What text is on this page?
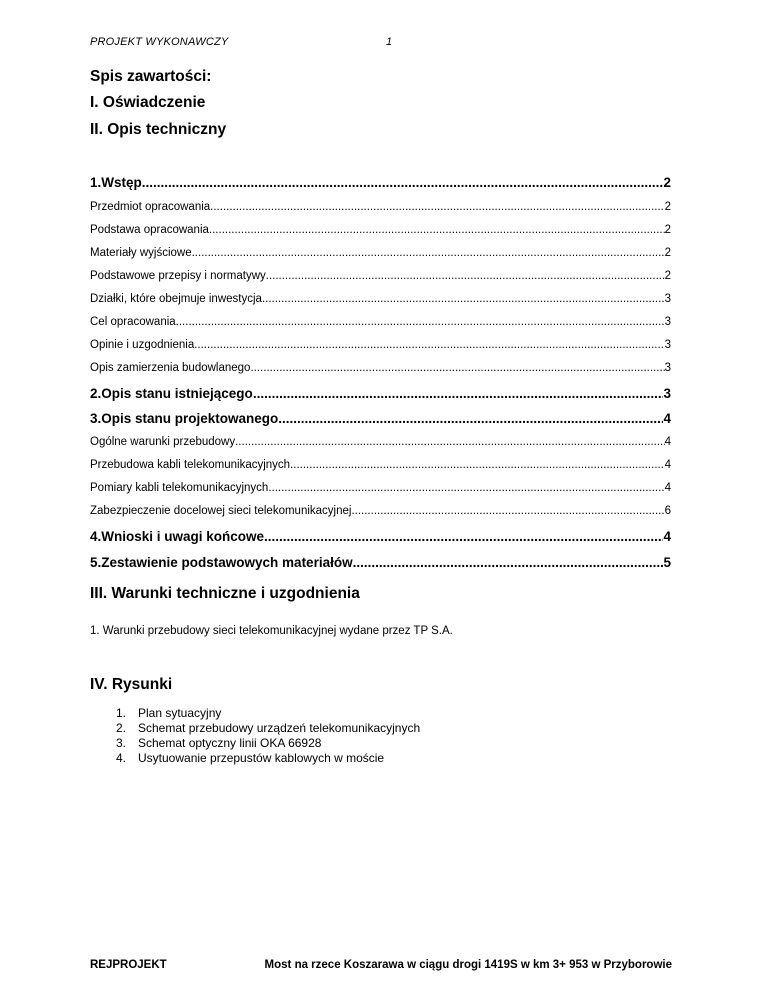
PROJEKT WYKONAWCZY	1
Spis zawartości:
I. Oświadczenie
II. Opis techniczny
1.Wstęp .....	2
Przedmiot opracowania .....	2
Podstawa opracowania .....	2
Materiały wyjściowe .....	2
Podstawowe przepisy i normatywy .....	2
Działki, które obejmuje inwestycja .....	3
Cel opracowania .....	3
Opinie i uzgodnienia .....	3
Opis zamierzenia budowlanego .....	3
2.Opis stanu istniejącego .....	3
3.Opis stanu projektowanego .....	4
Ogólne warunki przebudowy .....	4
Przebudowa kabli telekomunikacyjnych .....	4
Pomiary kabli telekomunikacyjnych .....	4
Zabezpieczenie docelowej sieci telekomunikacyjnej .....	6
4.Wnioski i uwagi końcowe .....	4
5.Zestawienie podstawowych materiałów .....	5
III. Warunki techniczne i uzgodnienia
1. Warunki przebudowy sieci telekomunikacyjnej wydane przez TP S.A.
IV. Rysunki
1. Plan sytuacyjny
2. Schemat przebudowy urządzeń telekomunikacyjnych
3. Schemat optyczny linii OKA 66928
4. Usytuowanie przepustów kablowych w moście
REJPROJEKT	Most na rzece Koszarawa w ciągu drogi 1419S w km 3+ 953 w Przyborowie
